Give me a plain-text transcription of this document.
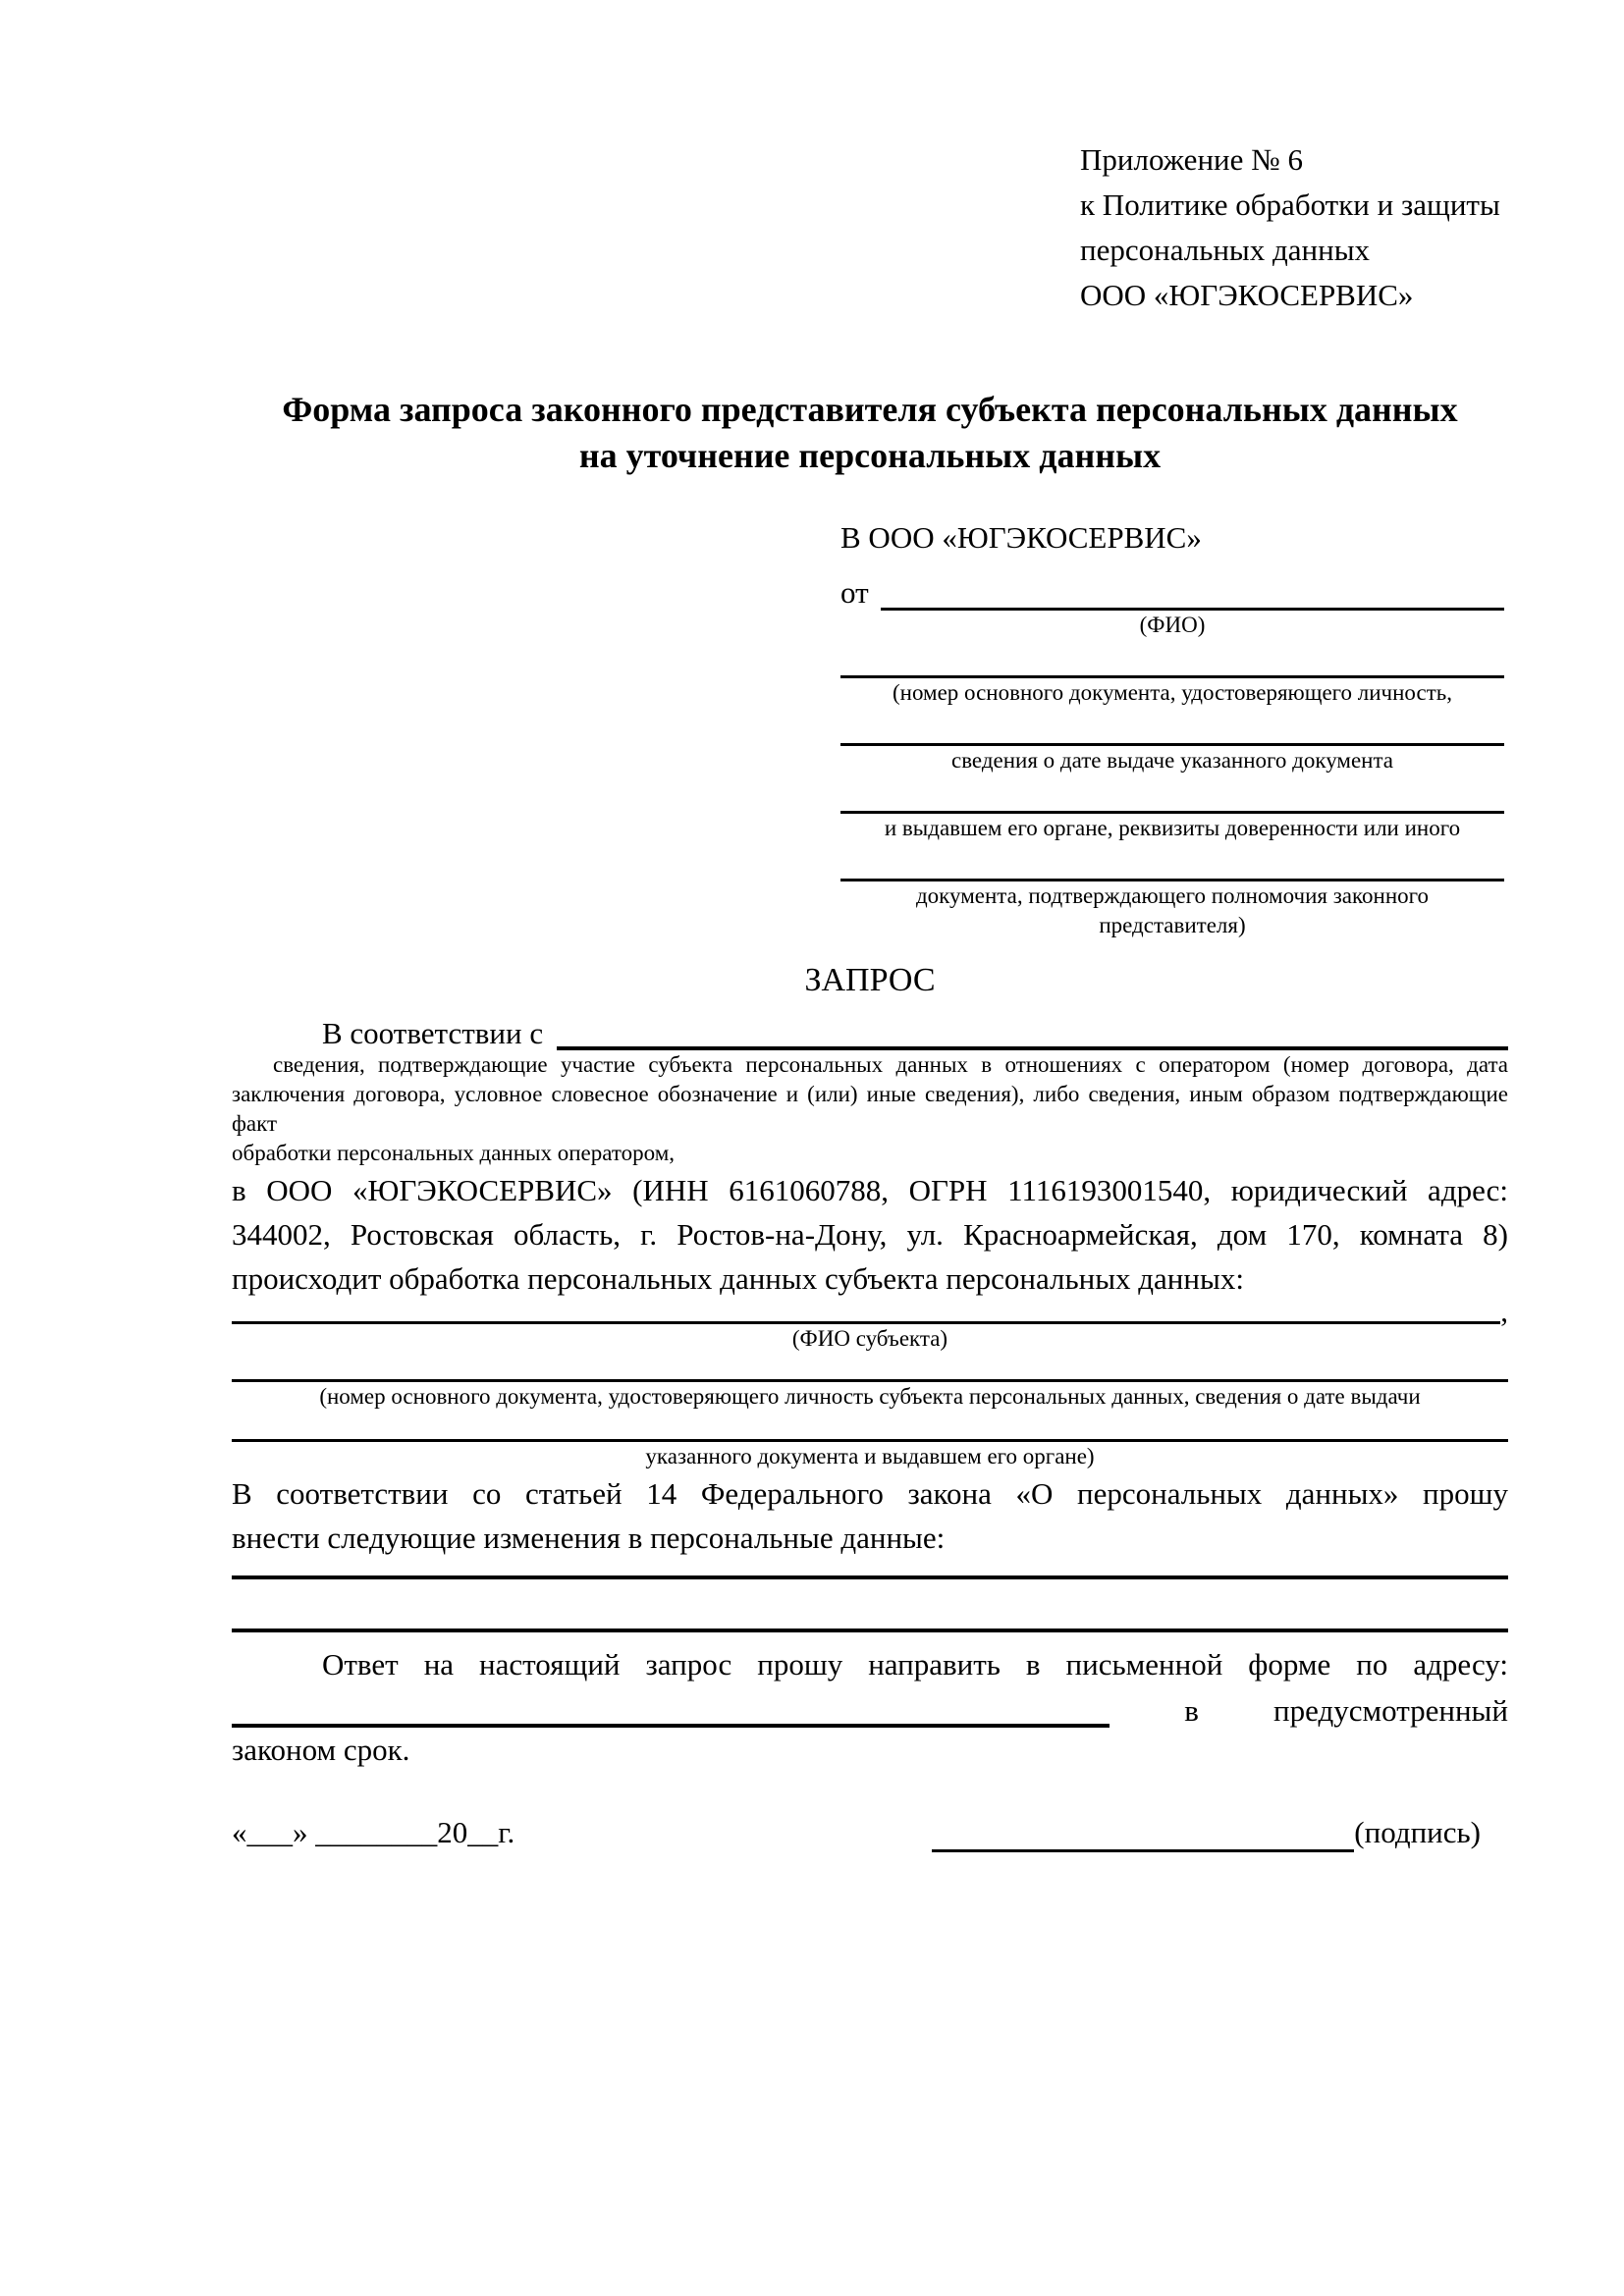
Приложение № 6
к Политике обработки и защиты
персональных данных
ООО «ЮГЭКОСЕРВИС»
Форма запроса законного представителя субъекта персональных данных
на уточнение персональных данных
В ООО «ЮГЭКОСЕРВИС»
от
(ФИО)
(номер основного документа, удостоверяющего личность,
сведения о дате выдаче указанного документа
и выдавшем его органе, реквизиты доверенности или иного
документа, подтверждающего полномочия законного представителя)
ЗАПРОС
В соответствии с
сведения, подтверждающие участие субъекта персональных данных в отношениях с оператором (номер договора, дата
заключения договора, условное словесное обозначение и (или) иные сведения), либо сведения, иным образом подтверждающие факт
обработки персональных данных оператором,
в ООО «ЮГЭКОСЕРВИС» (ИНН 6161060788, ОГРН 1116193001540, юридический адрес:
344002, Ростовская область, г. Ростов-на-Дону, ул. Красноармейская, дом 170, комната 8)
происходит обработка персональных данных субъекта персональных данных:
,
(ФИО субъекта)
(номер основного документа, удостоверяющего личность субъекта персональных данных, сведения о дате выдачи
указанного документа и выдавшем его органе)
В соответствии со статьей 14 Федерального закона «О персональных данных» прошу
внести следующие изменения в персональные данные:
Ответ на настоящий запрос прошу направить в письменной форме по адресу:
в предусмотренный
законом срок.
«___» ________20__г.	(подпись)
